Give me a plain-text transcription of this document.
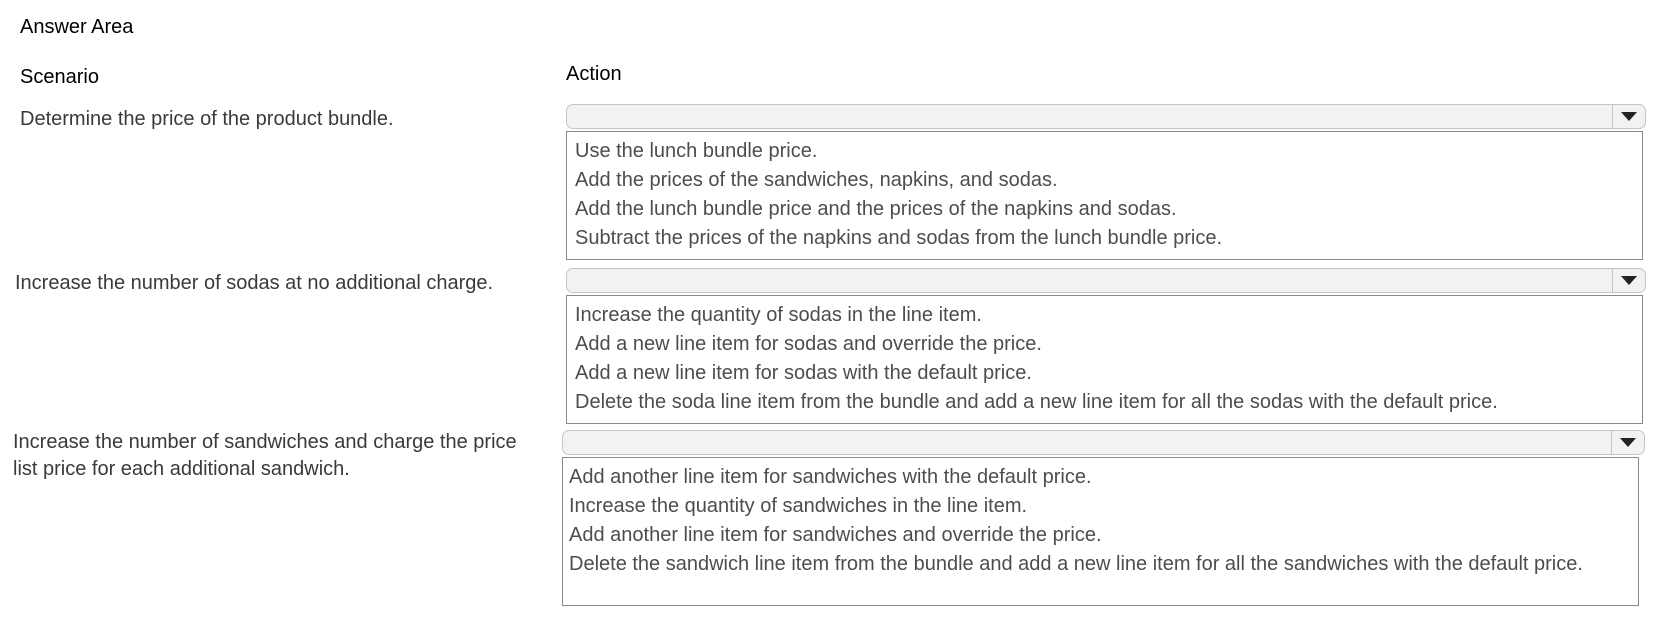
Answer Area
Scenario	Action
Determine the price of the product bundle.
Use the lunch bundle price.
Add the prices of the sandwiches, napkins, and sodas.
Add the lunch bundle price and the prices of the napkins and sodas.
Subtract the prices of the napkins and sodas from the lunch bundle price.
Increase the number of sodas at no additional charge.
Increase the quantity of sodas in the line item.
Add a new line item for sodas and override the price.
Add a new line item for sodas with the default price.
Delete the soda line item from the bundle and add a new line item for all the sodas with the default price.
Increase the number of sandwiches and charge the price list price for each additional sandwich.	Add another line item for sandwiches with the default price.
Increase the quantity of sandwiches in the line item.
Add another line item for sandwiches and override the price.
Delete the sandwich line item from the bundle and add a new line item for all the sandwiches with the default price.
